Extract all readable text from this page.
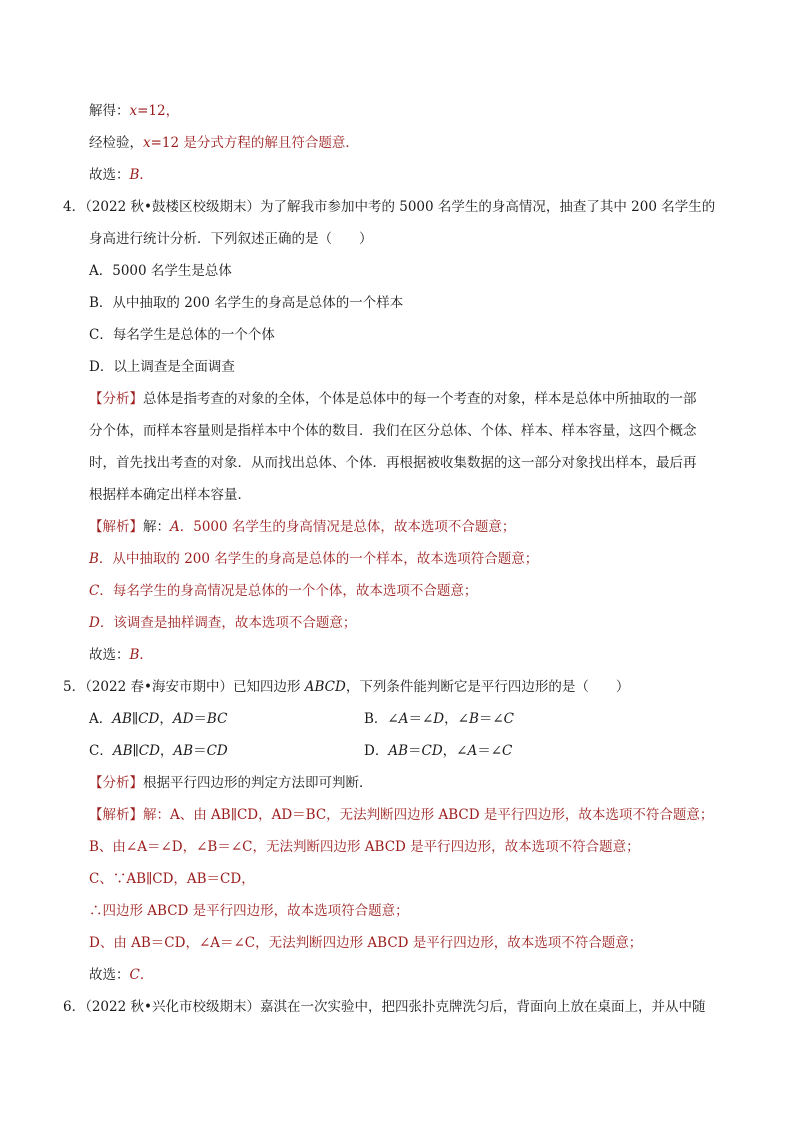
解得：x=12，
经检验，x=12 是分式方程的解且符合题意．
故选：B．
4．（2022 秋•鼓楼区校级期末）为了解我市参加中考的 5000 名学生的身高情况，抽查了其中 200 名学生的
身高进行统计分析．下列叙述正确的是（　　）
A．5000 名学生是总体
B．从中抽取的 200 名学生的身高是总体的一个样本
C．每名学生是总体的一个个体
D．以上调查是全面调查
【分析】总体是指考查的对象的全体，个体是总体中的每一个考查的对象，样本是总体中所抽取的一部
分个体，而样本容量则是指样本中个体的数目．我们在区分总体、个体、样本、样本容量，这四个概念
时，首先找出考查的对象．从而找出总体、个体．再根据被收集数据的这一部分对象找出样本，最后再
根据样本确定出样本容量．
【解析】解：A．5000 名学生的身高情况是总体，故本选项不合题意；
B．从中抽取的 200 名学生的身高是总体的一个样本，故本选项符合题意；
C．每名学生的身高情况是总体的一个个体，故本选项不合题意；
D．该调查是抽样调查，故本选项不合题意；
故选：B．
5．（2022 春•海安市期中）已知四边形 ABCD，下列条件能判断它是平行四边形的是（　　）
A．AB∥CD，AD＝BC	B．∠A＝∠D，∠B＝∠C
C．AB∥CD，AB＝CD	D．AB＝CD，∠A＝∠C
【分析】根据平行四边形的判定方法即可判断．
【解析】解：A、由 AB∥CD，AD＝BC，无法判断四边形 ABCD 是平行四边形，故本选项不符合题意；
B、由∠A＝∠D，∠B＝∠C，无法判断四边形 ABCD 是平行四边形，故本选项不符合题意；
C、∵AB∥CD，AB＝CD，
∴四边形 ABCD 是平行四边形，故本选项符合题意；
D、由 AB＝CD，∠A＝∠C，无法判断四边形 ABCD 是平行四边形，故本选项不符合题意；
故选：C．
6．（2022 秋•兴化市校级期末）嘉淇在一次实验中，把四张扑克牌洗匀后，背面向上放在桌面上，并从中随
